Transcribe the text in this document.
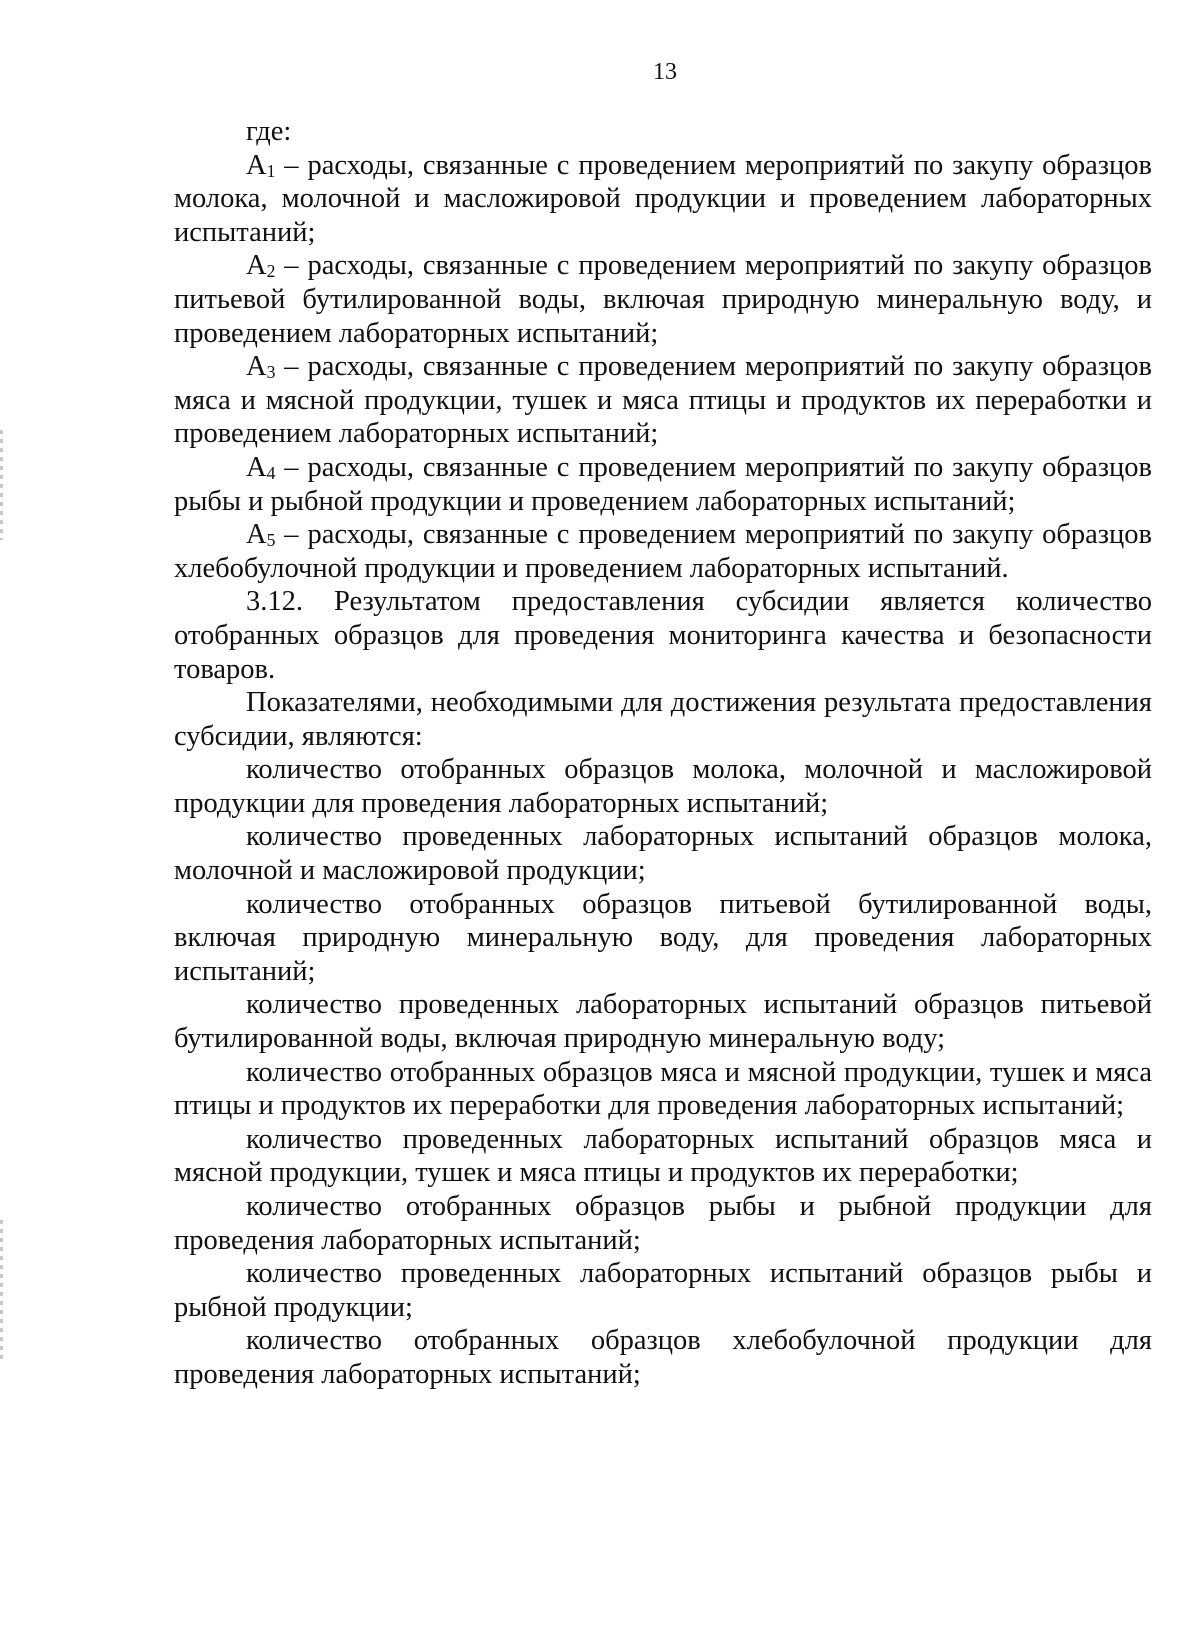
13

где:

$А_1$ – расходы, связанные с проведением мероприятий по закупу образцов молока, молочной и масложировой продукции и проведением лабораторных испытаний;

$А_2$ – расходы, связанные с проведением мероприятий по закупу образцов питьевой бутилированной воды, включая природную минеральную воду, и проведением лабораторных испытаний;

$А_3$ – расходы, связанные с проведением мероприятий по закупу образцов мяса и мясной продукции, тушек и мяса птицы и продуктов их переработки и проведением лабораторных испытаний;

$А_4$ – расходы, связанные с проведением мероприятий по закупу образцов рыбы и рыбной продукции и проведением лабораторных испытаний;

$А_5$ – расходы, связанные с проведением мероприятий по закупу образцов хлебобулочной продукции и проведением лабораторных испытаний.

3.12. Результатом предоставления субсидии является количество отобранных образцов для проведения мониторинга качества и безопасности товаров.

Показателями, необходимыми для достижения результата предоставления субсидии, являются:

количество отобранных образцов молока, молочной и масложировой продукции для проведения лабораторных испытаний;

количество проведенных лабораторных испытаний образцов молока, молочной и масложировой продукции;

количество отобранных образцов питьевой бутилированной воды, включая природную минеральную воду, для проведения лабораторных испытаний;

количество проведенных лабораторных испытаний образцов питьевой бутилированной воды, включая природную минеральную воду;

количество отобранных образцов мяса и мясной продукции, тушек и мяса птицы и продуктов их переработки для проведения лабораторных испытаний;

количество проведенных лабораторных испытаний образцов мяса и мясной продукции, тушек и мяса птицы и продуктов их переработки;

количество отобранных образцов рыбы и рыбной продукции для проведения лабораторных испытаний;

количество проведенных лабораторных испытаний образцов рыбы и рыбной продукции;

количество отобранных образцов хлебобулочной продукции для проведения лабораторных испытаний;
